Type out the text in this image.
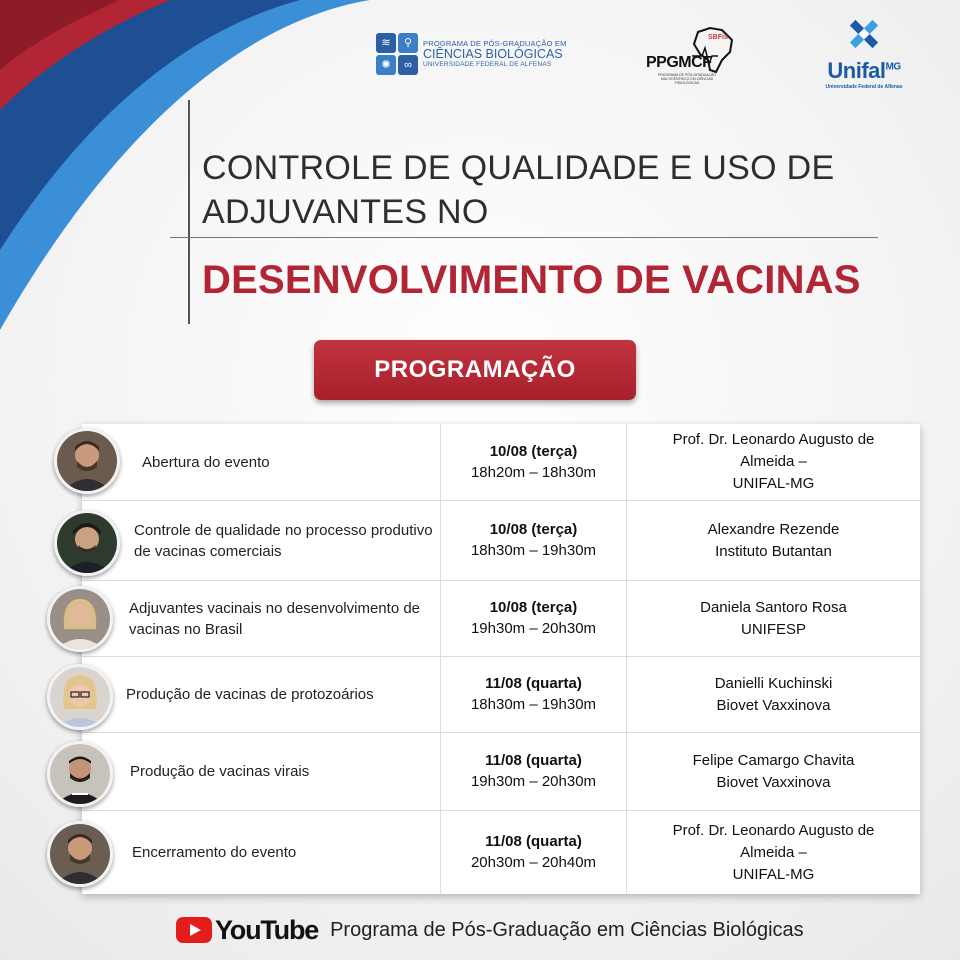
≋	⚲
✺	∞
PROGRAMA DE PÓS-GRADUAÇÃO EM
CIÊNCIAS BIOLÓGICAS
UNIVERSIDADE FEDERAL DE ALFENAS
SBFis
PPGMCF
PROGRAMA DE PÓS-GRADUAÇÃO MULTICÊNTRICO EM CIÊNCIAS FISIOLÓGICAS
Unifal$^{MG}$
Universidade Federal de Alfenas
CONTROLE DE QUALIDADE E USO DE ADJUVANTES NO
DESENVOLVIMENTO DE VACINAS
PROGRAMAÇÃO
Abertura do evento
10/08 (terça)
18h20m – 18h30m
Prof. Dr. Leonardo Augusto de
Almeida –
UNIFAL-MG
Controle de qualidade no processo produtivo de vacinas comerciais
10/08 (terça)
18h30m – 19h30m
Alexandre Rezende
Instituto Butantan
Adjuvantes vacinais no desenvolvimento de vacinas no Brasil
10/08 (terça)
19h30m – 20h30m
Daniela Santoro Rosa
UNIFESP
Produção de vacinas de protozoários
11/08 (quarta)
18h30m – 19h30m
Danielli Kuchinski
Biovet Vaxxinova
Produção de vacinas virais
11/08 (quarta)
19h30m – 20h30m
Felipe Camargo Chavita
Biovet Vaxxinova
Encerramento do evento
11/08 (quarta)
20h30m – 20h40m
Prof. Dr. Leonardo Augusto de
Almeida –
UNIFAL-MG
YouTube Programa de Pós-Graduação em Ciências Biológicas
